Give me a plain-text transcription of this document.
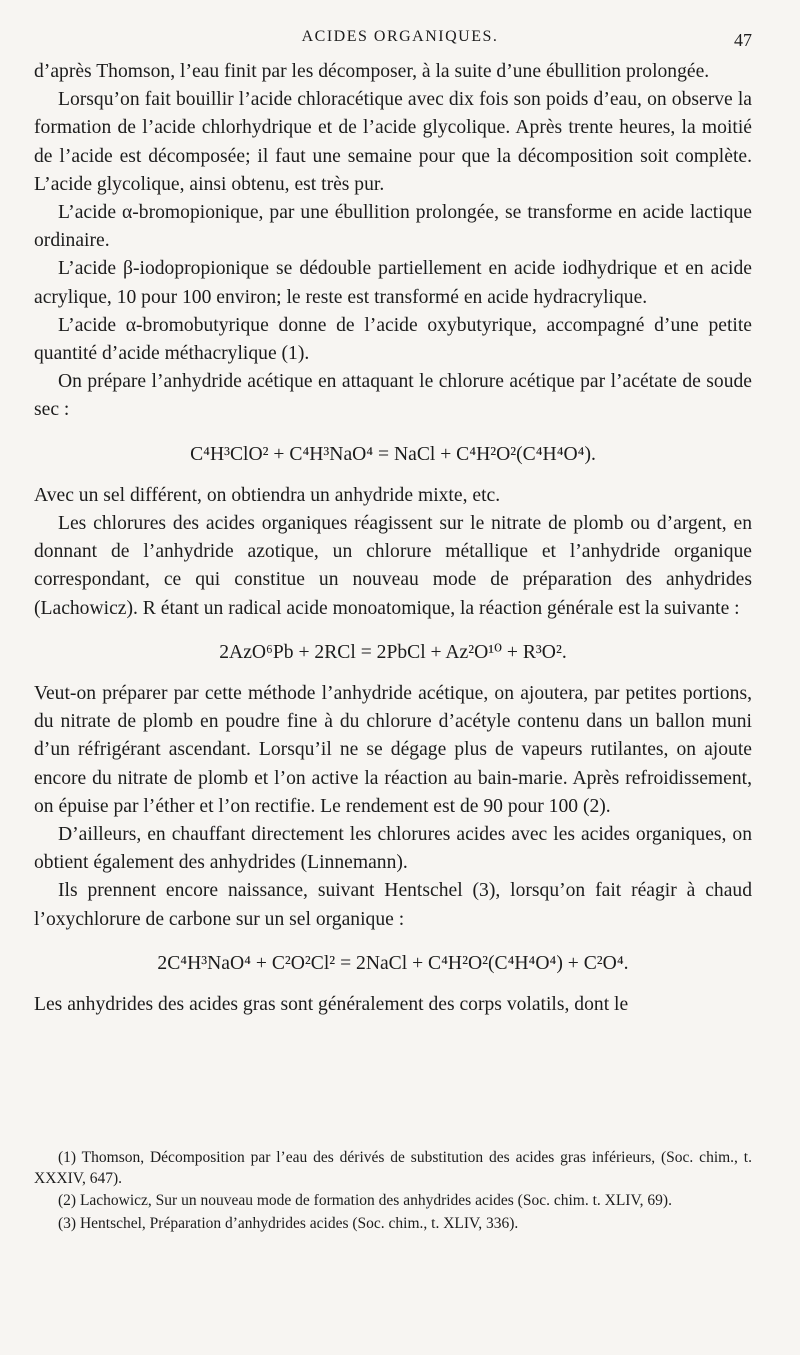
ACIDES ORGANIQUES.	47

d’après Thomson, l’eau finit par les décomposer, à la suite d’une ébullition prolongée.

Lorsqu’on fait bouillir l’acide chloracétique avec dix fois son poids d’eau, on observe la formation de l’acide chlorhydrique et de l’acide glycolique. Après trente heures, la moitié de l’acide est décomposée; il faut une semaine pour que la décomposition soit complète. L’acide glycolique, ainsi obtenu, est très pur.

L’acide α-bromopionique, par une ébullition prolongée, se transforme en acide lactique ordinaire.

L’acide β-iodopropionique se dédouble partiellement en acide iodhydrique et en acide acrylique, 10 pour 100 environ; le reste est transformé en acide hydracrylique.

L’acide α-bromobutyrique donne de l’acide oxybutyrique, accompagné d’une petite quantité d’acide méthacrylique (1).

On prépare l’anhydride acétique en attaquant le chlorure acétique par l’acétate de soude sec :

C⁴H³ClO² + C⁴H³NaO⁴ = NaCl + C⁴H²O²(C⁴H⁴O⁴).

Avec un sel différent, on obtiendra un anhydride mixte, etc.

Les chlorures des acides organiques réagissent sur le nitrate de plomb ou d’argent, en donnant de l’anhydride azotique, un chlorure métallique et l’anhydride organique correspondant, ce qui constitue un nouveau mode de préparation des anhydrides (Lachowicz). R étant un radical acide monoatomique, la réaction générale est la suivante :

2AzO⁶Pb + 2RCl = 2PbCl + Az²O¹⁰ + R³O².

Veut-on préparer par cette méthode l’anhydride acétique, on ajoutera, par petites portions, du nitrate de plomb en poudre fine à du chlorure d’acétyle contenu dans un ballon muni d’un réfrigérant ascendant. Lorsqu’il ne se dégage plus de vapeurs rutilantes, on ajoute encore du nitrate de plomb et l’on active la réaction au bain-marie. Après refroidissement, on épuise par l’éther et l’on rectifie. Le rendement est de 90 pour 100 (2).

D’ailleurs, en chauffant directement les chlorures acides avec les acides organiques, on obtient également des anhydrides (Linnemann).

Ils prennent encore naissance, suivant Hentschel (3), lorsqu’on fait réagir à chaud l’oxychlorure de carbone sur un sel organique :

2C⁴H³NaO⁴ + C²O²Cl² = 2NaCl + C⁴H²O²(C⁴H⁴O⁴) + C²O⁴.

Les anhydrides des acides gras sont généralement des corps volatils, dont le

(1) Thomson, Décomposition par l’eau des dérivés de substitution des acides gras inférieurs, (Soc. chim., t. XXXIV, 647).

(2) Lachowicz, Sur un nouveau mode de formation des anhydrides acides (Soc. chim. t. XLIV, 69).

(3) Hentschel, Préparation d’anhydrides acides (Soc. chim., t. XLIV, 336).
